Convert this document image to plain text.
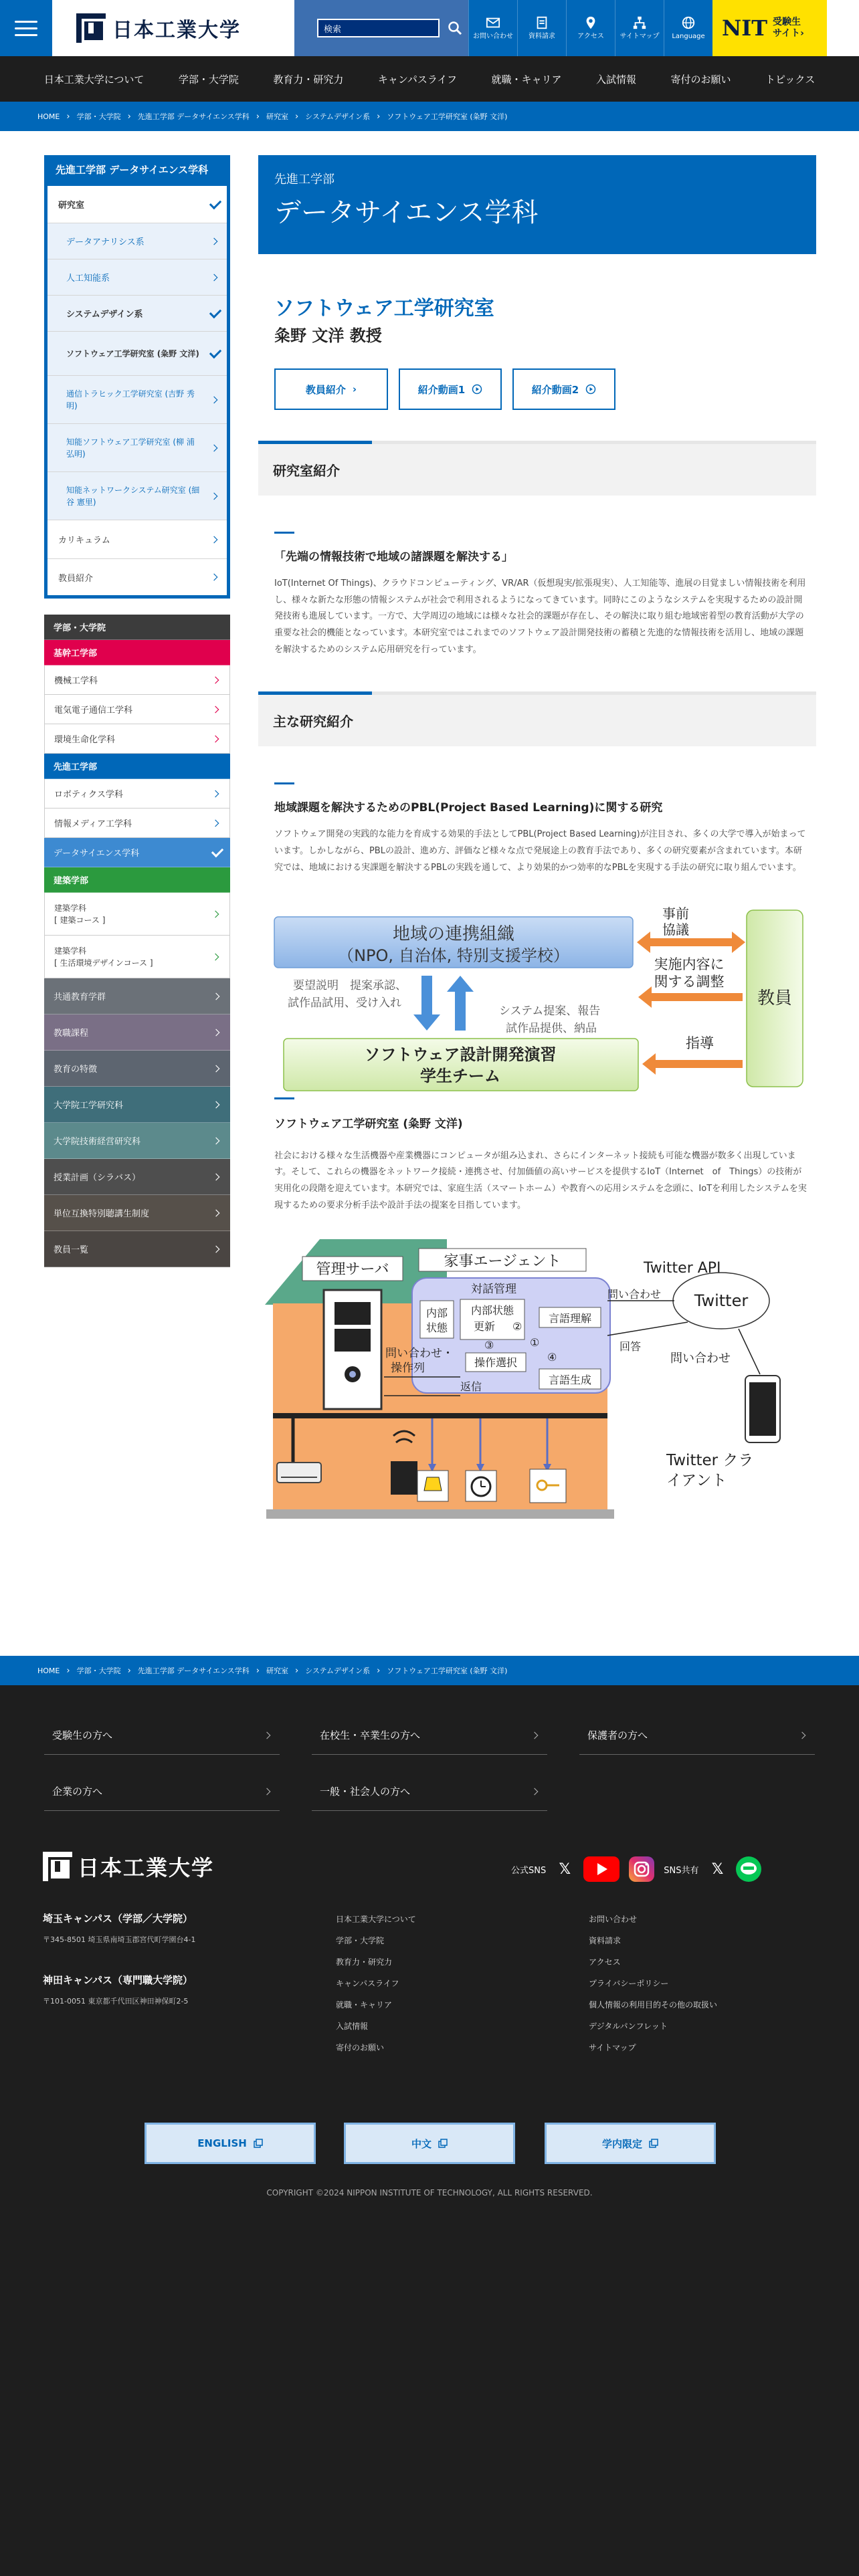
日本工業大学	検索
お問い合わせ 資料請求	アクセス サイトマップ Language NIT 受験生
サイト›
日本工業大学について	学部・大学院	教育力・研究力	キャンパスライフ	就職・キャリア	入試情報	寄付のお願い	トピックス
HOME › 学部・大学院 › 先進工学部 データサイエンス学科 › 研究室 › システムデザイン系 › ソフトウェア工学研究室 (粂野 文洋)
先進工学部 データサイエンス学科
研究室
データアナリシス系
人工知能系
システムデザイン系
ソフトウェア工学研究室 (粂野 文洋)
通信トラヒック工学研究室 (吉野 秀明)
知能ソフトウェア工学研究室 (柳 浦 弘明)
知能ネットワークシステム研究室 (細谷 憲里)
カリキュラム
教員紹介
学部・大学院
基幹工学部
機械工学科
電気電子通信工学科
環境生命化学科
先進工学部
ロボティクス学科
情報メディア工学科
データサイエンス学科
建築学部
建築学科
[ 建築コース ]
建築学科
[ 生活環境デザインコース ]
共通教育学群
教職課程
教育の特徴
大学院工学研究科
大学院技術経営研究科
授業計画（シラバス）
単位互換特別聴講生制度
教員一覧
先進工学部
データサイエンス学科
ソフトウェア工学研究室
粂野 文洋 教授
教員紹介 ›	紹介動画1	紹介動画2
研究室紹介
「先端の情報技術で地域の諸課題を解決する」
IoT(Internet Of Things)、クラウドコンピューティング、VR/AR（仮想現実/拡張現実）、人工知能等、進展の目覚ましい情報技術を利用し、様々な新たな形態の情報システムが社会で利用されるようになってきています。同時にこのようなシステムを実現するための設計開発技術も進展しています。一方で、大学周辺の地域には様々な社会的課題が存在し、その解決に取り組む地域密着型の教育活動が大学の重要な社会的機能となっています。本研究室ではこれまでのソフトウェア設計開発技術の蓄積と先進的な情報技術を活用し、地域の課題を解決するためのシステム応用研究を行っています。
主な研究紹介
地域課題を解決するためのPBL(Project Based Learning)に関する研究
ソフトウェア開発の実践的な能力を育成する効果的手法としてPBL(Project Based Learning)が注目され、多くの大学で導入が始まっています。しかしながら、PBLの設計、進め方、評価など様々な点で発展途上の教育手法であり、多くの研究要素が含まれています。本研究では、地域における実課題を解決するPBLの実践を通して、より効果的かつ効率的なPBLを実現する手法の研究に取り組んでいます。
地域の連携組織
（NPO, 自治体, 特別支援学校）
要望説明　提案承認、
試作品試用、受け入れ
システム提案、報告
試作品提供、納品
ソフトウェア設計開発演習
学生チーム
事前
協議
実施内容に
関する調整
指導
教員
ソフトウェア工学研究室 (粂野 文洋)
社会における様々な生活機器や産業機器にコンピュータが組み込まれ、さらにインターネット接続も可能な機器が数多く出現しています。そして、これらの機器をネットワーク接続・連携させ、付加価値の高いサービスを提供するIoT（Internet　of　Things）の技術が実用化の段階を迎えています。本研究では、家庭生活（スマートホーム）や教育への応用システムを念頭に、IoTを利用したシステムを実現するための要求分析手法や設計手法の提案を目指しています。
管理サーバ	家事エージェント
対話管理
内部
状態
内部状態
更新 ②
言語理解
①
③
操作選択	④
言語生成
問い合わせ・
操作列
返信
Twitter API
問い合わせ Twitter
回答
問い合わせ
Twitter クラ
イアント
HOME › 学部・大学院 › 先進工学部 データサイエンス学科 › 研究室 › システムデザイン系 › ソフトウェア工学研究室 (粂野 文洋)
受験生の方へ	在校生・卒業生の方へ	保護者の方へ
企業の方へ	一般・社会人の方へ
日本工業大学	公式SNS 𝕏	SNS共有 𝕏
埼玉キャンパス（学部／大学院）
〒345-8501 埼玉県南埼玉郡宮代町学園台4-1
神田キャンパス（専門職大学院）
〒101-0051 東京都千代田区神田神保町2-5
日本工業大学について
学部・大学院
教育力・研究力
キャンパスライフ
就職・キャリア
入試情報
寄付のお願い
お問い合わせ
資料請求
アクセス
プライバシーポリシー
個人情報の利用目的その他の取扱い
デジタルパンフレット
サイトマップ
ENGLISH	中文	学内限定
COPYRIGHT ©2024 NIPPON INSTITUTE OF TECHNOLOGY, ALL RIGHTS RESERVED.
